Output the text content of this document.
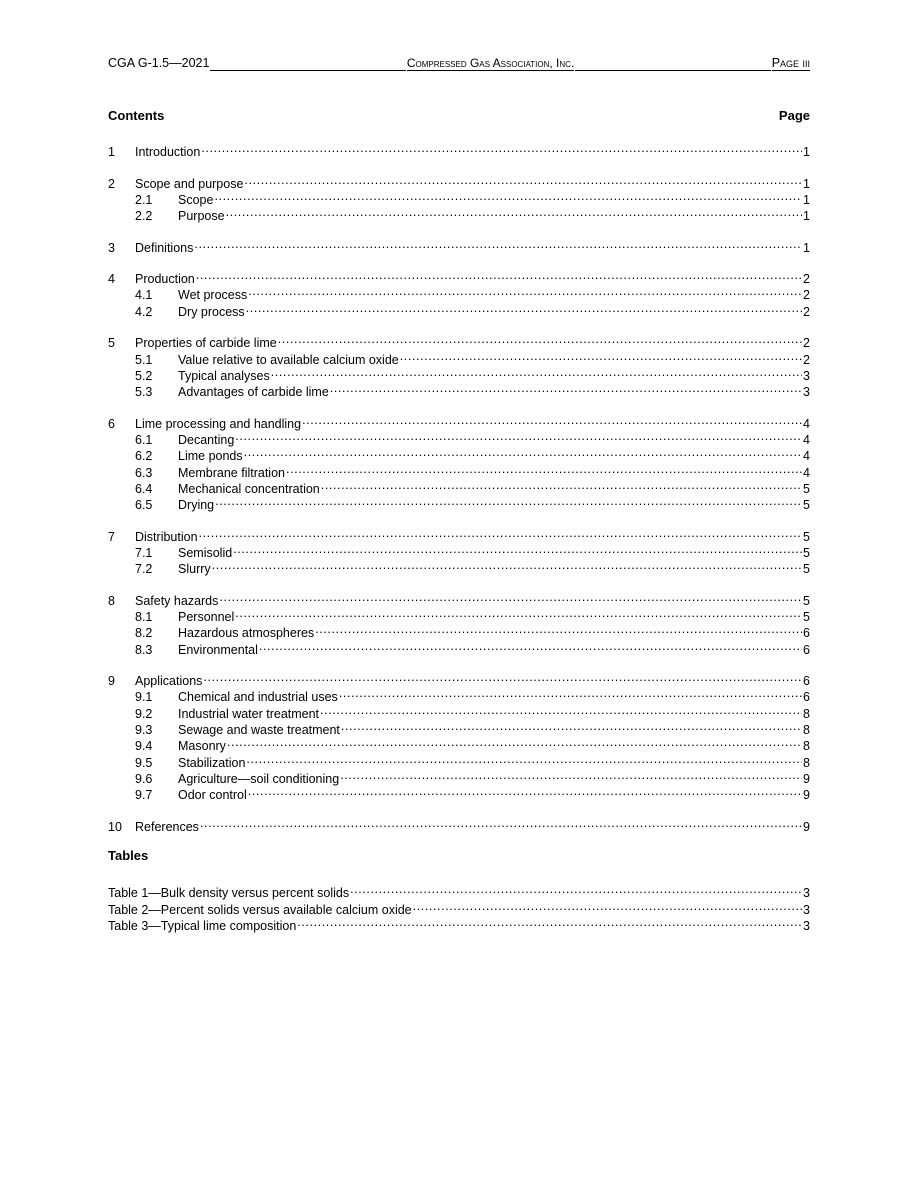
CGA G-1.5—2021	Compressed Gas Association, Inc.	Page iii
Contents	Page
1	Introduction .....	1
2	Scope and purpose .....	1
2.1	Scope .....	1
2.2	Purpose .....	1
3	Definitions .....	1
4	Production .....	2
4.1	Wet process .....	2
4.2	Dry process .....	2
5	Properties of carbide lime .....	2
5.1	Value relative to available calcium oxide .....	2
5.2	Typical analyses .....	3
5.3	Advantages of carbide lime .....	3
6	Lime processing and handling .....	4
6.1	Decanting .....	4
6.2	Lime ponds .....	4
6.3	Membrane filtration .....	4
6.4	Mechanical concentration .....	5
6.5	Drying .....	5
7	Distribution .....	5
7.1	Semisolid .....	5
7.2	Slurry .....	5
8	Safety hazards .....	5
8.1	Personnel .....	5
8.2	Hazardous atmospheres .....	6
8.3	Environmental .....	6
9	Applications .....	6
9.1	Chemical and industrial uses .....	6
9.2	Industrial water treatment .....	8
9.3	Sewage and waste treatment .....	8
9.4	Masonry .....	8
9.5	Stabilization .....	8
9.6	Agriculture—soil conditioning .....	9
9.7	Odor control .....	9
10	References .....	9
Tables
Table 1—Bulk density versus percent solids .....	3
Table 2—Percent solids versus available calcium oxide .....	3
Table 3—Typical lime composition .....	3
